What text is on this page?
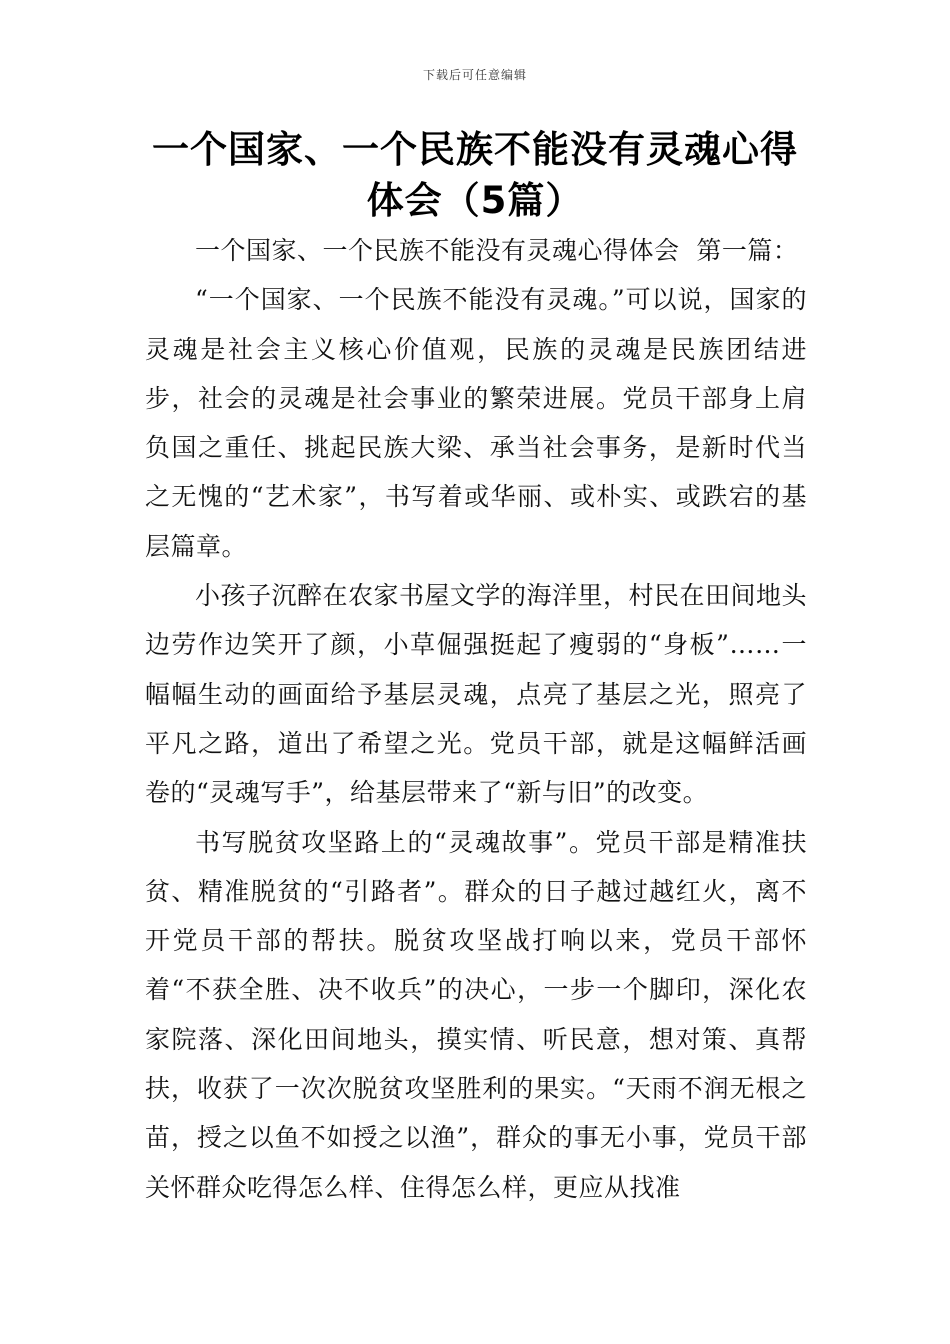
下载后可任意编辑
一个国家、一个民族不能没有灵魂心得体会（5篇）

一个国家、一个民族不能没有灵魂心得体会  第一篇：

“一个国家、一个民族不能没有灵魂。”可以说，国家的灵魂是社会主义核心价值观，民族的灵魂是民族团结进步，社会的灵魂是社会事业的繁荣进展。党员干部身上肩负国之重任、挑起民族大梁、承当社会事务，是新时代当之无愧的“艺术家”，书写着或华丽、或朴实、或跌宕的基层篇章。

小孩子沉醉在农家书屋文学的海洋里，村民在田间地头边劳作边笑开了颜，小草倔强挺起了瘦弱的“身板”……一幅幅生动的画面给予基层灵魂，点亮了基层之光，照亮了平凡之路，道出了希望之光。党员干部，就是这幅鲜活画卷的“灵魂写手”，给基层带来了“新与旧”的改变。

书写脱贫攻坚路上的“灵魂故事”。党员干部是精准扶贫、精准脱贫的“引路者”。群众的日子越过越红火，离不开党员干部的帮扶。脱贫攻坚战打响以来，党员干部怀着“不获全胜、决不收兵”的决心，一步一个脚印，深化农家院落、深化田间地头，摸实情、听民意，想对策、真帮扶，收获了一次次脱贫攻坚胜利的果实。“天雨不润无根之苗，授之以鱼不如授之以渔”，群众的事无小事，党员干部关怀群众吃得怎么样、住得怎么样，更应从找准
